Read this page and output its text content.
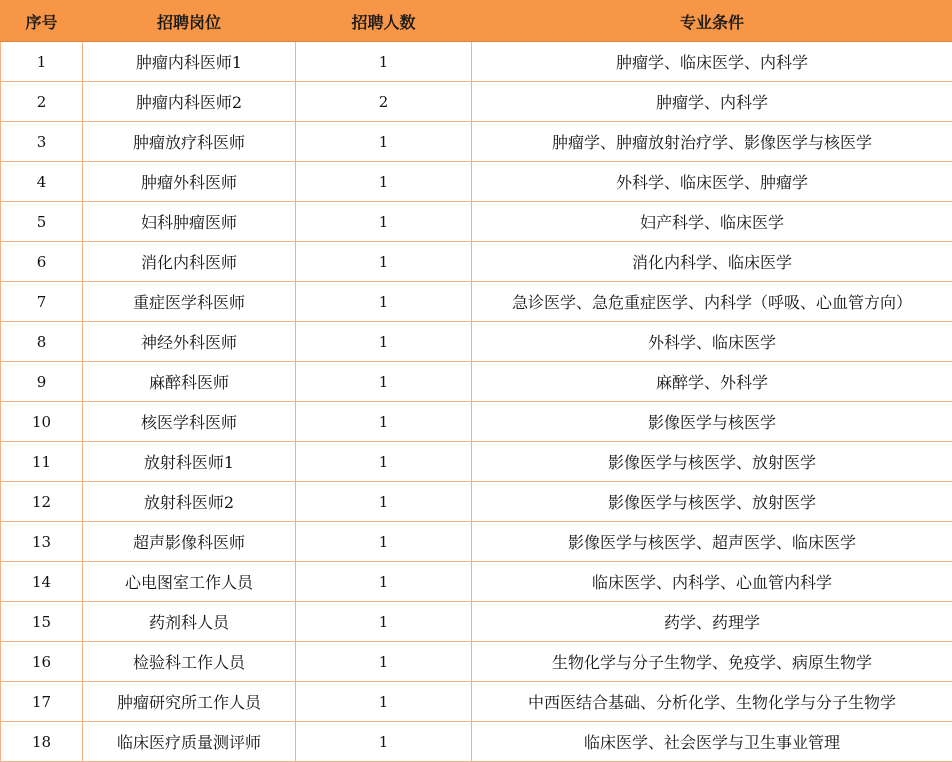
序号	招聘岗位	招聘人数	专业条件
1	肿瘤内科医师1	1	肿瘤学、临床医学、内科学
2	肿瘤内科医师2	2	肿瘤学、内科学
3	肿瘤放疗科医师	1	肿瘤学、肿瘤放射治疗学、影像医学与核医学
4	肿瘤外科医师	1	外科学、临床医学、肿瘤学
5	妇科肿瘤医师	1	妇产科学、临床医学
6	消化内科医师	1	消化内科学、临床医学
7	重症医学科医师	1	急诊医学、急危重症医学、内科学（呼吸、心血管方向）
8	神经外科医师	1	外科学、临床医学
9	麻醉科医师	1	麻醉学、外科学
10	核医学科医师	1	影像医学与核医学
11	放射科医师1	1	影像医学与核医学、放射医学
12	放射科医师2	1	影像医学与核医学、放射医学
13	超声影像科医师	1	影像医学与核医学、超声医学、临床医学
14	心电图室工作人员	1	临床医学、内科学、心血管内科学
15	药剂科人员	1	药学、药理学
16	检验科工作人员	1	生物化学与分子生物学、免疫学、病原生物学
17	肿瘤研究所工作人员	1	中西医结合基础、分析化学、生物化学与分子生物学
18	临床医疗质量测评师	1	临床医学、社会医学与卫生事业管理
